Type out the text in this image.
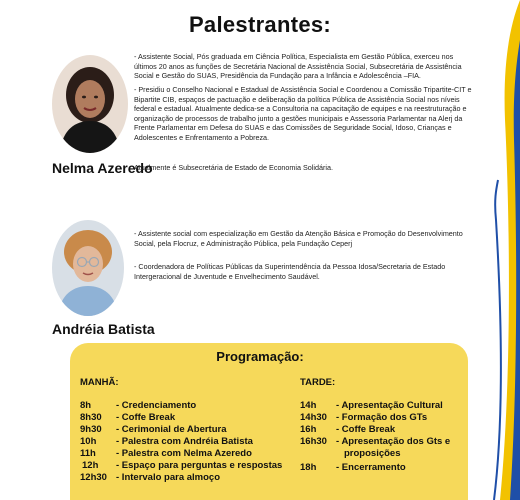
Palestrantes:
Nelma Azeredo
- Assistente Social, Pós graduada em Ciência Política, Especialista em Gestão Pública, exerceu nos últimos 20 anos as funções de Secretária Nacional de Assistência Social, Subsecretária de Assistência Social e Gestão do SUAS, Presidência da Fundação para a Infância e Adolescência –FIA.
- Presidiu o Conselho Nacional e Estadual de Assistência Social e Coordenou a Comissão Tripartite-CIT e Bipartite CIB, espaços de pactuação e deliberação da política Pública de Assistência Social nos níveis federal e estadual. Atualmente dedica-se a Consultoria na capacitação de equipes e na reestruturação e organização de processos de trabalho junto a gestões municipais e Assessoria Parlamentar na Alerj da Frente Parlamentar em Defesa do SUAS e das Comissões de Seguridade Social, Idoso, Crianças e Adolescentes e Enfrentamento a Pobreza.
Atualmente é Subsecretária de Estado de Economia Solidária.
Andréia Batista
- Assistente social com especialização em Gestão da Atenção Básica e Promoção do Desenvolvimento Social, pela Flocruz, e Administração Pública, pela Fundação Ceperj
- Coordenadora de Políticas Públicas da Superintendência da Pessoa Idosa/Secretaria de Estado Intergeracional de Juventude e Envelhecimento Saudável.
Programação:
MANHÃ:	TARDE:
8h	- Credenciamento
8h30 - Coffe Break
9h30 - Cerimonial de Abertura
10h - Palestra com Andréia Batista
11h - Palestra com Nelma Azeredo
12h - Espaço para perguntas e respostas
12h30 - Intervalo para almoço
14h - Apresentação Cultural
14h30 - Formação dos GTs
16h - Coffe Break
16h30 - Apresentação dos Gts e
proposições
18h - Encerramento
